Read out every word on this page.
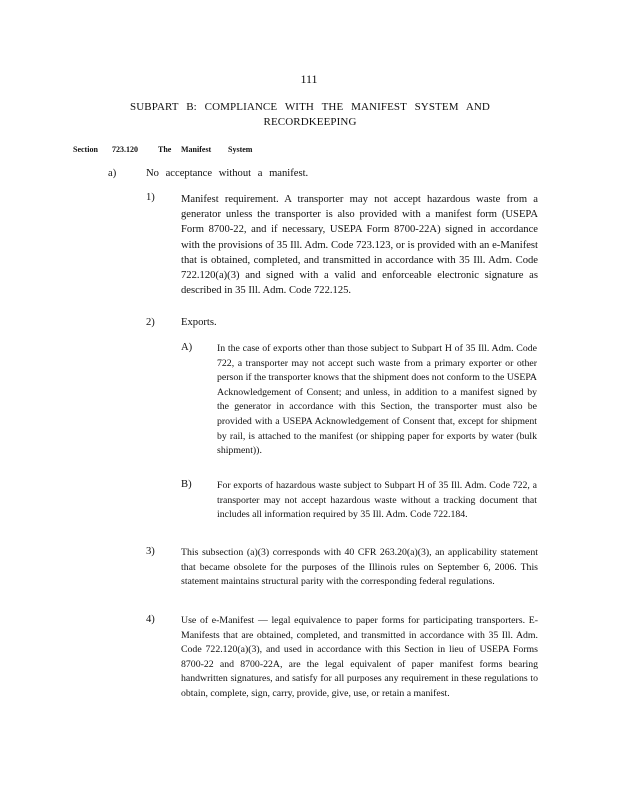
111
SUBPART B: COMPLIANCE WITH THE MANIFEST SYSTEM AND RECORDKEEPING
Section 723.120	The Manifest System
a)	No acceptance without a manifest.
1) Manifest requirement. A transporter may not accept hazardous waste from a generator unless the transporter is also provided with a manifest form (USEPA Form 8700-22, and if necessary, USEPA Form 8700-22A) signed in accordance with the provisions of 35 Ill. Adm. Code 723.123, or is provided with an e-Manifest that is obtained, completed, and transmitted in accordance with 35 Ill. Adm. Code 722.120(a)(3) and signed with a valid and enforceable electronic signature as described in 35 Ill. Adm. Code 722.125.
2) Exports.
A)	In the case of exports other than those subject to Subpart H of 35 Ill. Adm. Code 722, a transporter may not accept such waste from a primary exporter or other person if the transporter knows that the shipment does not conform to the USEPA Acknowledgement of Consent; and unless, in addition to a manifest signed by the generator in accordance with this Section, the transporter must also be provided with a USEPA Acknowledgement of Consent that, except for shipment by rail, is attached to the manifest (or shipping paper for exports by water (bulk shipment)).
B)	For exports of hazardous waste subject to Subpart H of 35 Ill. Adm. Code 722, a transporter may not accept hazardous waste without a tracking document that includes all information required by 35 Ill. Adm. Code 722.184.
3)	This subsection (a)(3) corresponds with 40 CFR 263.20(a)(3), an applicability statement that became obsolete for the purposes of the Illinois rules on September 6, 2006. This statement maintains structural parity with the corresponding federal regulations.
4)	Use of e-Manifest — legal equivalence to paper forms for participating transporters. E-Manifests that are obtained, completed, and transmitted in accordance with 35 Ill. Adm. Code 722.120(a)(3), and used in accordance with this Section in lieu of USEPA Forms 8700-22 and 8700-22A, are the legal equivalent of paper manifest forms bearing handwritten signatures, and satisfy for all purposes any requirement in these regulations to obtain, complete, sign, carry, provide, give, use, or retain a manifest.
